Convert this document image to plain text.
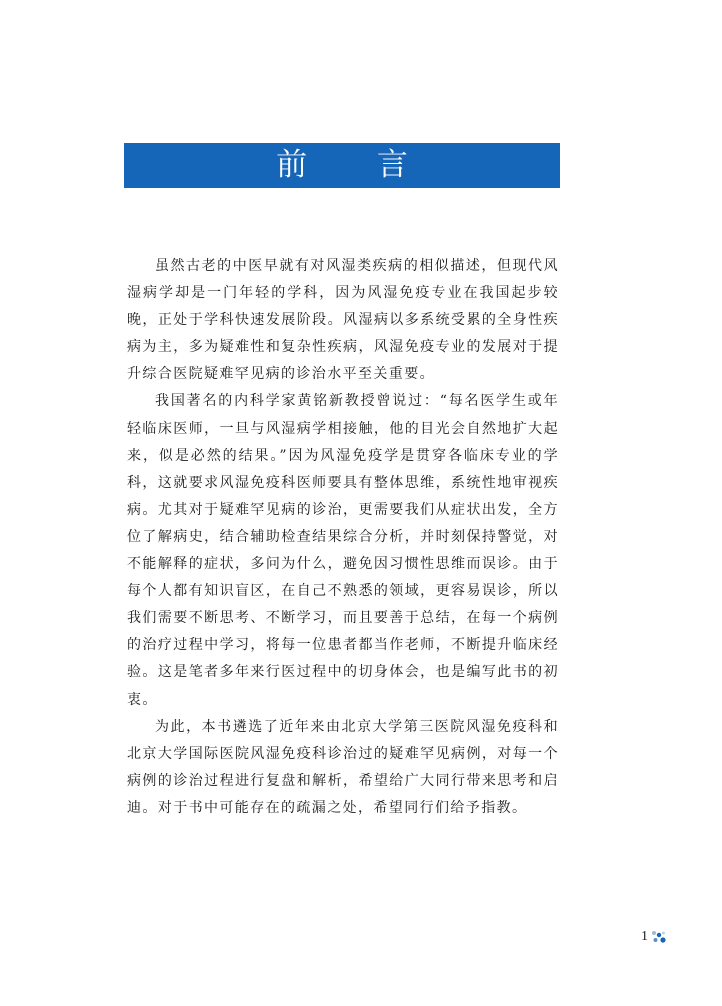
前 言

虽然古老的中医早就有对风湿类疾病的相似描述，但现代风湿病学却是一门年轻的学科，因为风湿免疫专业在我国起步较晚，正处于学科快速发展阶段。风湿病以多系统受累的全身性疾病为主，多为疑难性和复杂性疾病，风湿免疫专业的发展对于提升综合医院疑难罕见病的诊治水平至关重要。

我国著名的内科学家黄铭新教授曾说过：“每名医学生或年轻临床医师，一旦与风湿病学相接触，他的目光会自然地扩大起来，似是必然的结果。”因为风湿免疫学是贯穿各临床专业的学科，这就要求风湿免疫科医师要具有整体思维，系统性地审视疾病。尤其对于疑难罕见病的诊治，更需要我们从症状出发，全方位了解病史，结合辅助检查结果综合分析，并时刻保持警觉，对不能解释的症状，多问为什么，避免因习惯性思维而误诊。由于每个人都有知识盲区，在自己不熟悉的领域，更容易误诊，所以我们需要不断思考、不断学习，而且要善于总结，在每一个病例的治疗过程中学习，将每一位患者都当作老师，不断提升临床经验。这是笔者多年来行医过程中的切身体会，也是编写此书的初衷。

为此，本书遴选了近年来由北京大学第三医院风湿免疫科和北京大学国际医院风湿免疫科诊治过的疑难罕见病例，对每一个病例的诊治过程进行复盘和解析，希望给广大同行带来思考和启迪。对于书中可能存在的疏漏之处，希望同行们给予指教。

1
